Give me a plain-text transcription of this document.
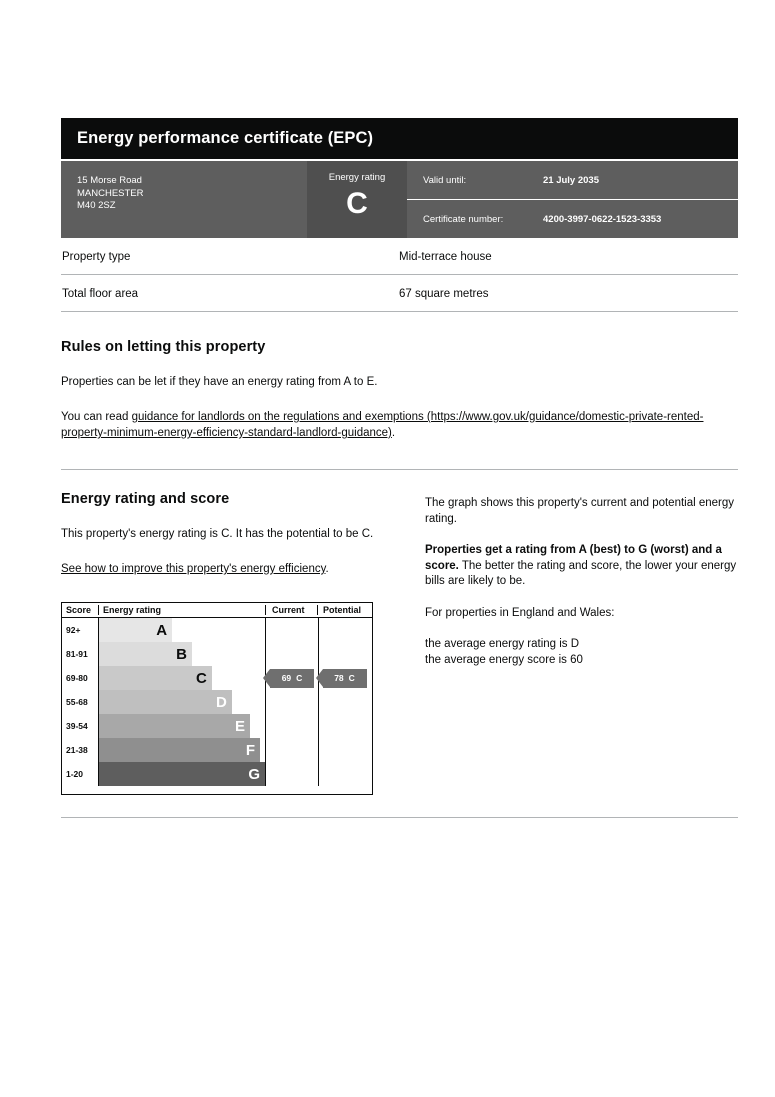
Energy performance certificate (EPC)
15 Morse Road
MANCHESTER
M40 2SZ
Energy rating
C
Valid until:	21 July 2035
Certificate number:	4200-3997-0622-1523-3353
Property type	Mid-terrace house
Total floor area	67 square metres
Rules on letting this property

Properties can be let if they have an energy rating from A to E.

You can read guidance for landlords on the regulations and exemptions (https://www.gov.uk/guidance/domestic-private-rented-property-minimum-energy-efficiency-standard-landlord-guidance).

Energy rating and score

This property's energy rating is C. It has the potential to be C.

See how to improve this property's energy efficiency.

Score	Energy rating	Current	Potential
92+	A
81-91	B
69-80	C
55-68	D
39-54	E
21-38	F
1-20	G
69 C	78 C

The graph shows this property's current and potential energy rating.

Properties get a rating from A (best) to G (worst) and a score. The better the rating and score, the lower your energy bills are likely to be.

For properties in England and Wales:

the average energy rating is D

the average energy score is 60
